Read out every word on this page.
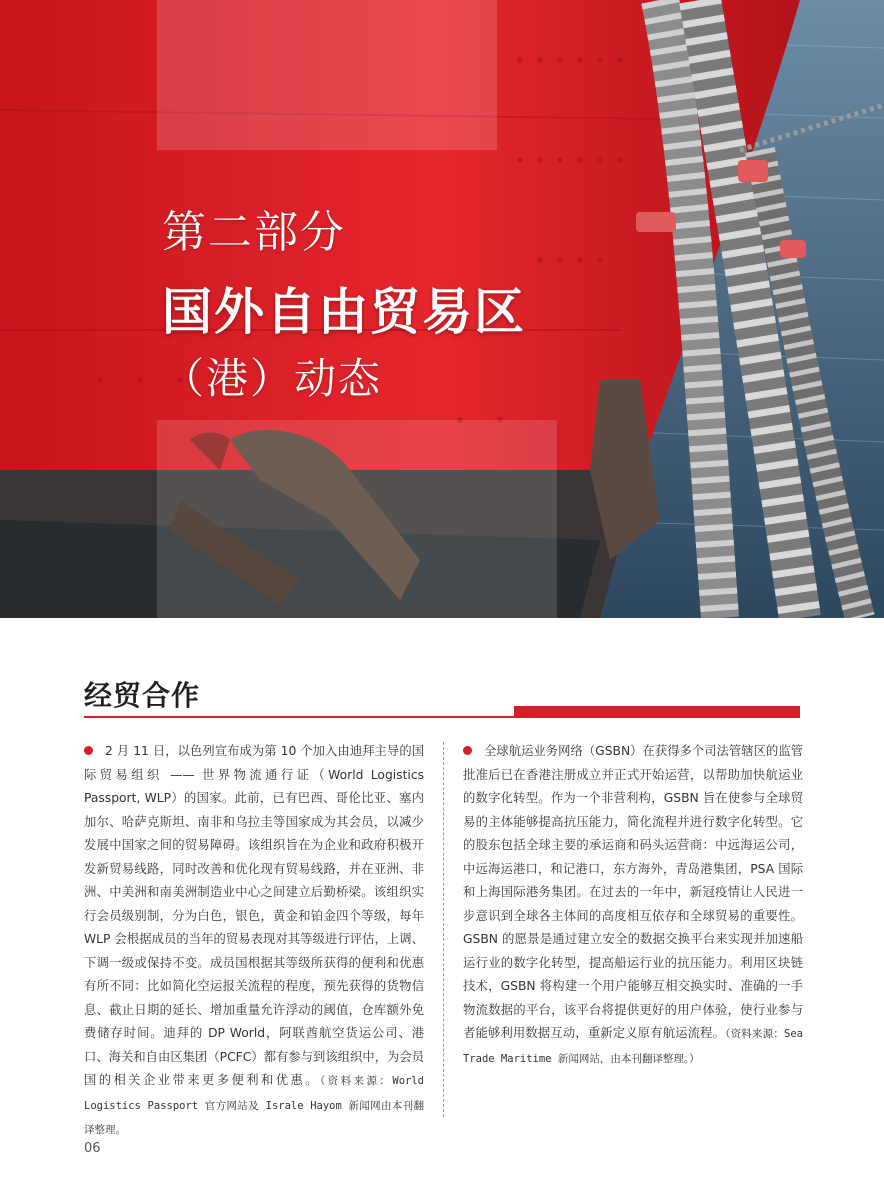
第二部分
国外自由贸易区
（港）动态
经贸合作
2 月 11 日，以色列宣布成为第 10 个加入由迪拜主导的国际贸易组织 —— 世界物流通行证（World Logistics Passport, WLP）的国家。此前，已有巴西、哥伦比亚、塞内加尔、哈萨克斯坦、南非和乌拉圭等国家成为其会员，以减少发展中国家之间的贸易障碍。该组织旨在为企业和政府积极开发新贸易线路，同时改善和优化现有贸易线路，并在亚洲、非洲、中美洲和南美洲制造业中心之间建立后勤桥梁。该组织实行会员级别制，分为白色，银色，黄金和铂金四个等级，每年 WLP 会根据成员的当年的贸易表现对其等级进行评估，上调、下调一级或保持不变。成员国根据其等级所获得的便利和优惠有所不同：比如简化空运报关流程的程度，预先获得的货物信息、截止日期的延长、增加重量允许浮动的阈值，仓库额外免费储存时间。迪拜的 DP World，阿联酋航空货运公司、港口、海关和自由区集团（PCFC）都有参与到该组织中，为会员国的相关企业带来更多便利和优惠。（资料来源：World Logistics Passport 官方网站及 Israle Hayom 新闻网由本刊翻译整理。
全球航运业务网络（GSBN）在获得多个司法管辖区的监管批准后已在香港注册成立并正式开始运营，以帮助加快航运业的数字化转型。作为一个非营利构，GSBN 旨在使参与全球贸易的主体能够提高抗压能力，简化流程并进行数字化转型。它的股东包括全球主要的承运商和码头运营商：中远海运公司，中远海运港口，和记港口，东方海外，青岛港集团，PSA 国际和上海国际港务集团。在过去的一年中，新冠疫情让人民进一步意识到全球各主体间的高度相互依存和全球贸易的重要性。GSBN 的愿景是通过建立安全的数据交换平台来实现并加速船运行业的数字化转型，提高船运行业的抗压能力。利用区块链技术，GSBN 将构建一个用户能够互相交换实时、准确的一手物流数据的平台，该平台将提供更好的用户体验，使行业参与者能够利用数据互动，重新定义原有航运流程。（资料来源：Sea Trade Maritime 新闻网站，由本刊翻译整理。）
06
